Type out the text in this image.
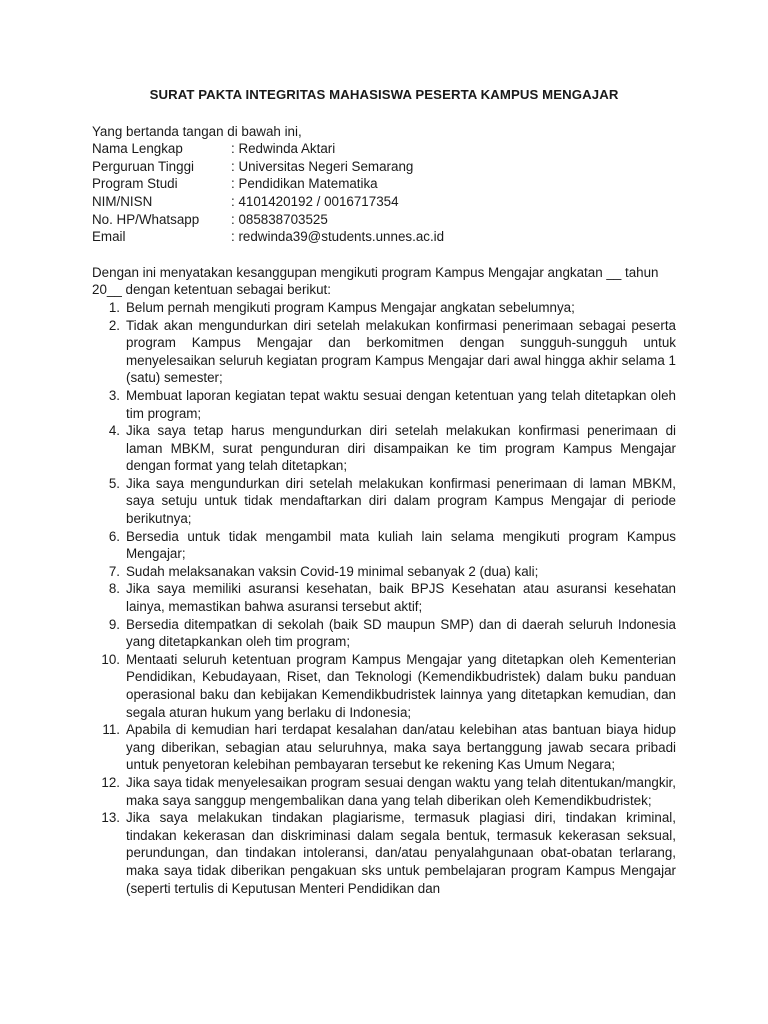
SURAT PAKTA INTEGRITAS MAHASISWA PESERTA KAMPUS MENGAJAR

Yang bertanda tangan di bawah ini,

Nama Lengkap	: Redwinda Aktari
Perguruan Tinggi	: Universitas Negeri Semarang
Program Studi	: Pendidikan Matematika
NIM/NISN	: 4101420192 / 0016717354
No. HP/Whatsapp	: 085838703525
Email	: redwinda39@students.unnes.ac.id

Dengan ini menyatakan kesanggupan mengikuti program Kampus Mengajar angkatan __ tahun 20__ dengan ketentuan sebagai berikut:

1. Belum pernah mengikuti program Kampus Mengajar angkatan sebelumnya;
2. Tidak akan mengundurkan diri setelah melakukan konfirmasi penerimaan sebagai peserta program Kampus Mengajar dan berkomitmen dengan sungguh-sungguh untuk menyelesaikan seluruh kegiatan program Kampus Mengajar dari awal hingga akhir selama 1 (satu) semester;
3. Membuat laporan kegiatan tepat waktu sesuai dengan ketentuan yang telah ditetapkan oleh tim program;
4. Jika saya tetap harus mengundurkan diri setelah melakukan konfirmasi penerimaan di laman MBKM, surat pengunduran diri disampaikan ke tim program Kampus Mengajar dengan format yang telah ditetapkan;
5. Jika saya mengundurkan diri setelah melakukan konfirmasi penerimaan di laman MBKM, saya setuju untuk tidak mendaftarkan diri dalam program Kampus Mengajar di periode berikutnya;
6. Bersedia untuk tidak mengambil mata kuliah lain selama mengikuti program Kampus Mengajar;
7. Sudah melaksanakan vaksin Covid-19 minimal sebanyak 2 (dua) kali;
8. Jika saya memiliki asuransi kesehatan, baik BPJS Kesehatan atau asuransi kesehatan lainya, memastikan bahwa asuransi tersebut aktif;
9. Bersedia ditempatkan di sekolah (baik SD maupun SMP) dan di daerah seluruh Indonesia yang ditetapkankan oleh tim program;
10. Mentaati seluruh ketentuan program Kampus Mengajar yang ditetapkan oleh Kementerian Pendidikan, Kebudayaan, Riset, dan Teknologi (Kemendikbudristek) dalam buku panduan operasional baku dan kebijakan Kemendikbudristek lainnya yang ditetapkan kemudian, dan segala aturan hukum yang berlaku di Indonesia;
11. Apabila di kemudian hari terdapat kesalahan dan/atau kelebihan atas bantuan biaya hidup yang diberikan, sebagian atau seluruhnya, maka saya bertanggung jawab secara pribadi untuk penyetoran kelebihan pembayaran tersebut ke rekening Kas Umum Negara;
12. Jika saya tidak menyelesaikan program sesuai dengan waktu yang telah ditentukan/mangkir, maka saya sanggup mengembalikan dana yang telah diberikan oleh Kemendikbudristek;
13. Jika saya melakukan tindakan plagiarisme, termasuk plagiasi diri, tindakan kriminal, tindakan kekerasan dan diskriminasi dalam segala bentuk, termasuk kekerasan seksual, perundungan, dan tindakan intoleransi, dan/atau penyalahgunaan obat-obatan terlarang, maka saya tidak diberikan pengakuan sks untuk pembelajaran program Kampus Mengajar (seperti tertulis di Keputusan Menteri Pendidikan dan
